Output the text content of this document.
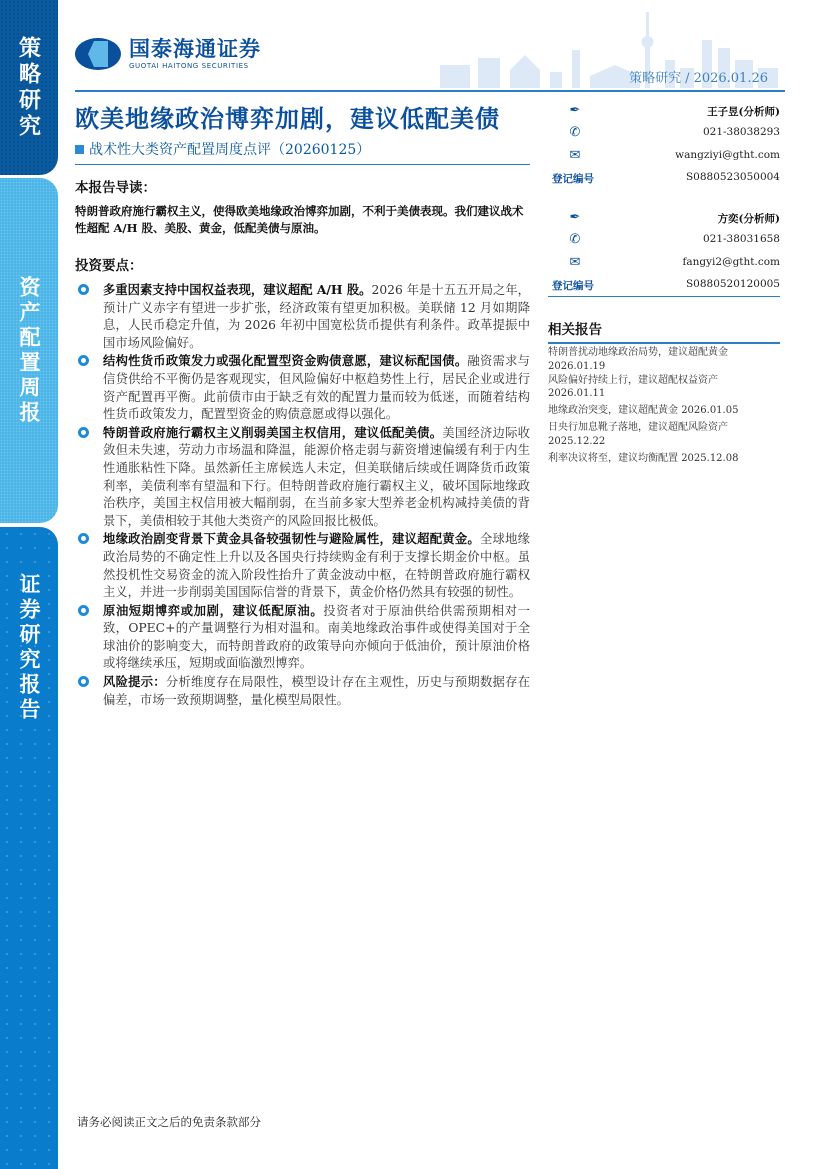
策略研究
资产配置周报
证券研究报告
国泰海通证券
GUOTAI HAITONG SECURITIES
策略研究 / 2026.01.26
欧美地缘政治博弈加剧，建议低配美债
战术性大类资产配置周度点评（20260125）
本报告导读：

特朗普政府施行霸权主义，使得欧美地缘政治博弈加剧，不利于美债表现。我们建议战术性超配 A/H 股、美股、黄金，低配美债与原油。

投资要点：
多重因素支持中国权益表现，建议超配 A/H 股。2026 年是十五五开局之年，预计广义赤字有望进一步扩张，经济政策有望更加积极。美联储 12 月如期降息，人民币稳定升值，为 2026 年初中国宽松货币提供有利条件。政革提振中国市场风险偏好。
结构性货币政策发力或强化配置型资金购债意愿，建议标配国债。融资需求与信贷供给不平衡仍是客观现实，但风险偏好中枢趋势性上行，居民企业或进行资产配置再平衡。此前债市由于缺乏有效的配置力量而较为低迷，而随着结构性货币政策发力，配置型资金的购债意愿或得以强化。
特朗普政府施行霸权主义削弱美国主权信用，建议低配美债。美国经济边际收敛但未失速，劳动力市场温和降温，能源价格走弱与薪资增速偏缓有利于内生性通胀粘性下降。虽然新任主席候选人未定，但美联储后续或任调降货币政策利率，美债利率有望温和下行。但特朗普政府施行霸权主义，破坏国际地缘政治秩序，美国主权信用被大幅削弱，在当前多家大型养老金机构减持美债的背景下，美债相较于其他大类资产的风险回报比极低。
地缘政治剧变背景下黄金具备较强韧性与避险属性，建议超配黄金。全球地缘政治局势的不确定性上升以及各国央行持续购金有利于支撑长期金价中枢。虽然投机性交易资金的流入阶段性抬升了黄金波动中枢，在特朗普政府施行霸权主义，并进一步削弱美国国际信誉的背景下，黄金价格仍然具有较强的韧性。
原油短期博弈或加剧，建议低配原油。投资者对于原油供给供需预期相对一致，OPEC+的产量调整行为相对温和。南美地缘政治事件或使得美国对于全球油价的影响变大，而特朗普政府的政策导向亦倾向于低油价，预计原油价格或将继续承压，短期或面临激烈博弈。
风险提示：分析维度存在局限性，模型设计存在主观性，历史与预期数据存在偏差，市场一致预期调整，量化模型局限性。
✒	王子昱(分析师)
✆	021-38038293
✉	wangziyi@gtht.com
登记编号	S0880523050004
✒	方奕(分析师)
✆	021-38031658
✉	fangyi2@gtht.com
登记编号	S0880520120005
相关报告
特朗普扰动地缘政治局势，建议超配黄金
2026.01.19
风险偏好持续上行，建议超配权益资产
2026.01.11
地缘政治突变，建议超配黄金 2026.01.05
日央行加息靴子落地，建议超配风险资产
2025.12.22
利率决议将至，建议均衡配置 2025.12.08
请务必阅读正文之后的免责条款部分
